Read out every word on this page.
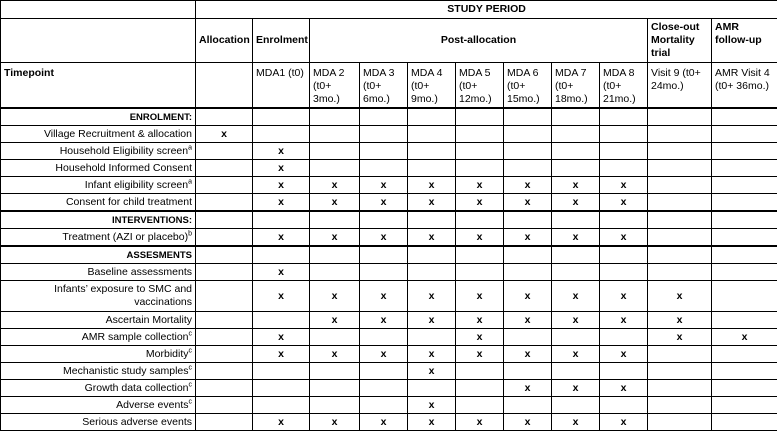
	STUDY PERIOD										
	Allocation	Enrolment	Post-allocation							Close-out Mortality trial	AMR follow-up
Timepoint		MDA1 (t0)	MDA 2 (t0+ 3mo.)	MDA 3 (t0+ 6mo.)	MDA 4 (t0+ 9mo.)	MDA 5 (t0+ 12mo.)	MDA 6 (t0+ 15mo.)	MDA 7 (t0+ 18mo.)	MDA 8 (t0+ 21mo.)	Visit 9 (t0+ 24mo.)	AMR Visit 4 (t0+ 36mo.)
ENROLMENT:											
Village Recruitment & allocation	x										
Household Eligibility screen$^a$		x									
Household Informed Consent		x									
Infant eligibility screen$^a$		x	x	x	x	x	x	x	x		
Consent for child treatment		x	x	x	x	x	x	x	x		
INTERVENTIONS:											
Treatment (AZI or placebo)$^b$		x	x	x	x	x	x	x	x		
ASSESMENTS											
Baseline assessments		x									
Infants’ exposure to SMC and vaccinations		x	x	x	x	x	x	x	x	x	
Ascertain Mortality			x	x	x	x	x	x	x	x	
AMR sample collection$^c$		x				x				x	x
Morbidity$^c$		x	x	x	x	x	x	x	x		
Mechanistic study samples$^c$					x						
Growth data collection$^c$							x	x	x		
Adverse events$^c$					x						
Serious adverse events		x	x	x	x	x	x	x	x		
